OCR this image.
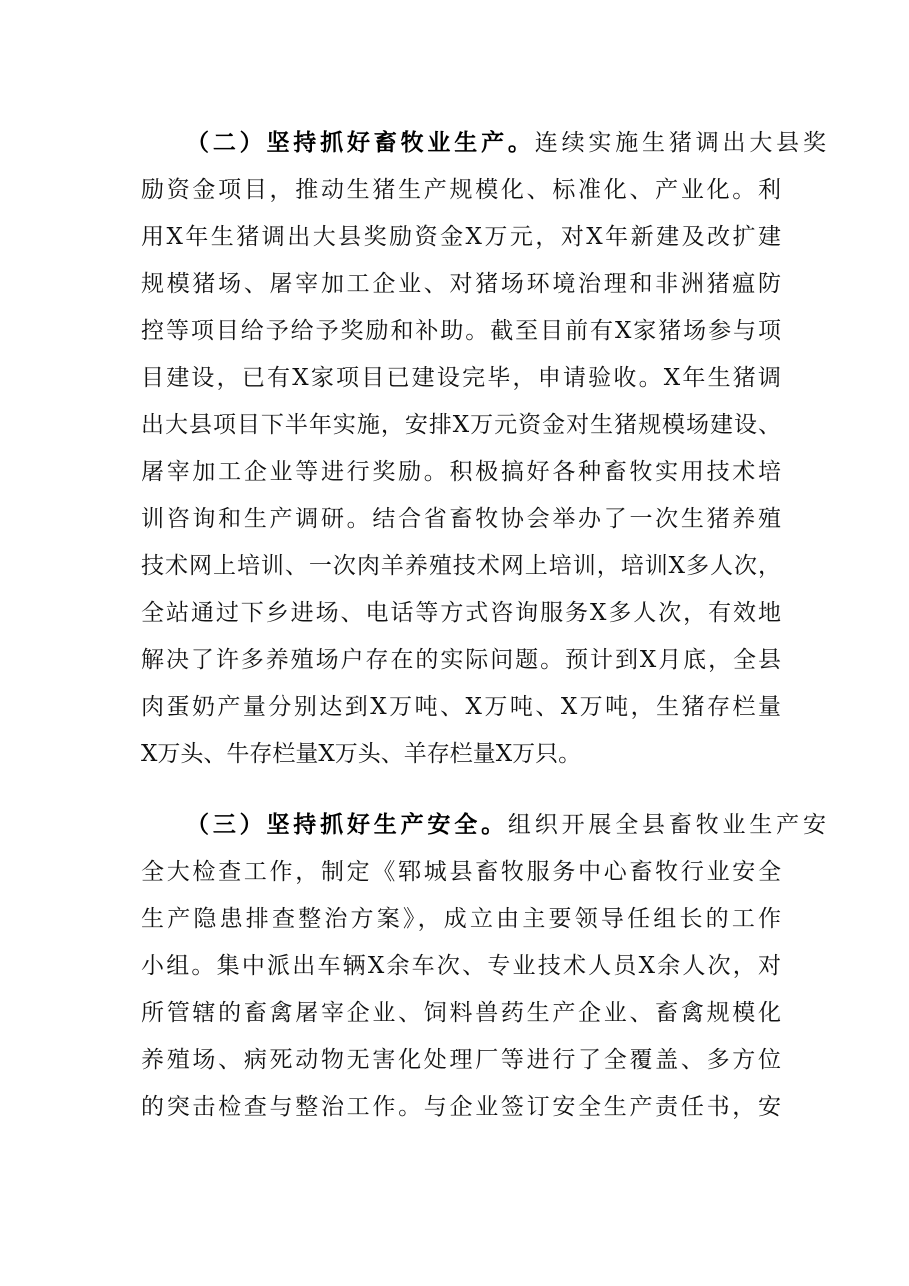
（二）坚持抓好畜牧业生产。连续实施生猪调出大县奖
励资金项目，推动生猪生产规模化、标准化、产业化。利
用X年生猪调出大县奖励资金X万元，对X年新建及改扩建
规模猪场、屠宰加工企业、对猪场环境治理和非洲猪瘟防
控等项目给予给予奖励和补助。截至目前有X家猪场参与项
目建设，已有X家项目已建设完毕，申请验收。X年生猪调
出大县项目下半年实施，安排X万元资金对生猪规模场建设、
屠宰加工企业等进行奖励。积极搞好各种畜牧实用技术培
训咨询和生产调研。结合省畜牧协会举办了一次生猪养殖
技术网上培训、一次肉羊养殖技术网上培训，培训X多人次，
全站通过下乡进场、电话等方式咨询服务X多人次，有效地
解决了许多养殖场户存在的实际问题。预计到X月底，全县
肉蛋奶产量分别达到X万吨、X万吨、X万吨，生猪存栏量
X万头、牛存栏量X万头、羊存栏量X万只。
（三）坚持抓好生产安全。组织开展全县畜牧业生产安
全大检查工作，制定《郓城县畜牧服务中心畜牧行业安全
生产隐患排查整治方案》，成立由主要领导任组长的工作
小组。集中派出车辆X余车次、专业技术人员X余人次，对
所管辖的畜禽屠宰企业、饲料兽药生产企业、畜禽规模化
养殖场、病死动物无害化处理厂等进行了全覆盖、多方位
的突击检查与整治工作。与企业签订安全生产责任书，安
